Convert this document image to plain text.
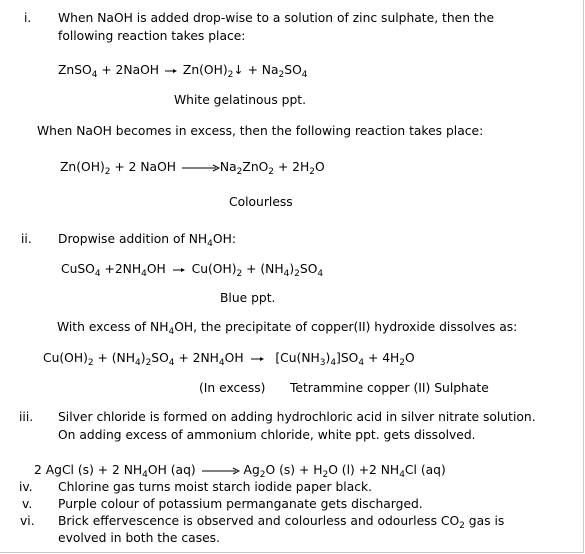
i. When NaOH is added drop-wise to a solution of zinc sulphate, then the
following reaction takes place:
ZnSO$_4$ + 2NaOH → $Zn(OH)_2↓ + Na_2SO_4$
White gelatinous ppt.
When NaOH becomes in excess, then the following reaction takes place:
$Zn(OH)_2 + 2$ NaOH $\to Na_2ZnO_2 + 2H_2O$
Colourless
ii. Dropwise addition of $NH_4OH$:
CuSO$_4$ $+2NH_4OH \to Cu(OH)_2 + (NH_4)_2SO_4$
Blue ppt.
With excess of $NH_4OH$, the precipitate of copper(II) hydroxide dissolves as:
$Cu(OH)_2 + (NH_4)_2SO_4 + 2NH_4OH \to [Cu(NH_3)_4]SO_4 + 4H_2O$
(In excess) Tetrammine copper (II) Sulphate
iii. Silver chloride is formed on adding hydrochloric acid in silver nitrate solution.
On adding excess of ammonium chloride, white ppt. gets dissolved.
2 AgCl (s) + 2 $NH_4OH$ $(aq) \to Ag_2O$ $(s) + H_2O$ (l) +2 $NH_4Cl$ (aq)
iv. Chlorine gas turns moist starch iodide paper black.
v. Purple colour of potassium permanganate gets discharged.
vi. Brick effervescence is observed and colourless and odourless $CO_2$ gas is
evolved in both the cases.
